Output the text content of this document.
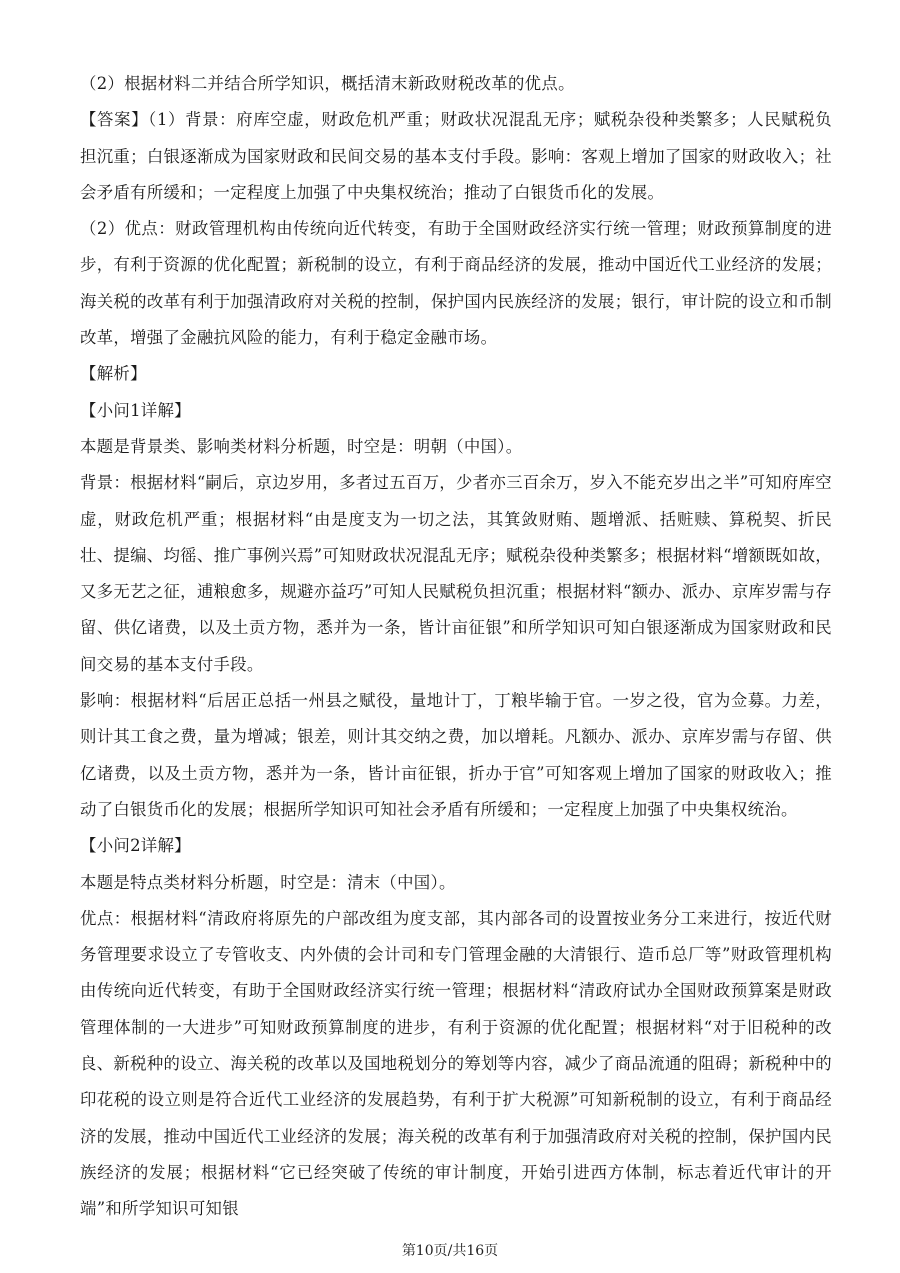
（2）根据材料二并结合所学知识，概括清末新政财税改革的优点。

【答案】（1）背景：府库空虚，财政危机严重；财政状况混乱无序；赋税杂役种类繁多；人民赋税负担沉重；白银逐渐成为国家财政和民间交易的基本支付手段。影响：客观上增加了国家的财政收入；社会矛盾有所缓和；一定程度上加强了中央集权统治；推动了白银货币化的发展。

（2）优点：财政管理机构由传统向近代转变，有助于全国财政经济实行统一管理；财政预算制度的进步，有利于资源的优化配置；新税制的设立，有利于商品经济的发展，推动中国近代工业经济的发展；海关税的改革有利于加强清政府对关税的控制，保护国内民族经济的发展；银行，审计院的设立和币制改革，增强了金融抗风险的能力，有利于稳定金融市场。

【解析】

【小问1详解】

本题是背景类、影响类材料分析题，时空是：明朝（中国）。

背景：根据材料“嗣后，京边岁用，多者过五百万，少者亦三百余万，岁入不能充岁出之半”可知府库空虚，财政危机严重；根据材料“由是度支为一切之法，其箕敛财贿、题增派、括赃赎、算税契、折民壮、提编、均徭、推广事例兴焉”可知财政状况混乱无序；赋税杂役种类繁多；根据材料“增额既如故，又多无艺之征，逋粮愈多，规避亦益巧”可知人民赋税负担沉重；根据材料“额办、派办、京库岁需与存留、供亿诸费，以及土贡方物，悉并为一条，皆计亩征银”和所学知识可知白银逐渐成为国家财政和民间交易的基本支付手段。

影响：根据材料“后居正总括一州县之赋役，量地计丁，丁粮毕输于官。一岁之役，官为佥募。力差，则计其工食之费，量为增减；银差，则计其交纳之费，加以增耗。凡额办、派办、京库岁需与存留、供亿诸费，以及土贡方物，悉并为一条，皆计亩征银，折办于官”可知客观上增加了国家的财政收入；推动了白银货币化的发展；根据所学知识可知社会矛盾有所缓和；一定程度上加强了中央集权统治。

【小问2详解】

本题是特点类材料分析题，时空是：清末（中国）。

优点：根据材料“清政府将原先的户部改组为度支部，其内部各司的设置按业务分工来进行，按近代财务管理要求设立了专管收支、内外债的会计司和专门管理金融的大清银行、造币总厂等”财政管理机构由传统向近代转变，有助于全国财政经济实行统一管理；根据材料“清政府试办全国财政预算案是财政管理体制的一大进步”可知财政预算制度的进步，有利于资源的优化配置；根据材料“对于旧税种的改良、新税种的设立、海关税的改革以及国地税划分的筹划等内容，减少了商品流通的阻碍；新税种中的印花税的设立则是符合近代工业经济的发展趋势，有利于扩大税源”可知新税制的设立，有利于商品经济的发展，推动中国近代工业经济的发展；海关税的改革有利于加强清政府对关税的控制，保护国内民族经济的发展；根据材料“它已经突破了传统的审计制度，开始引进西方体制，标志着近代审计的开端”和所学知识可知银

第10页/共16页
